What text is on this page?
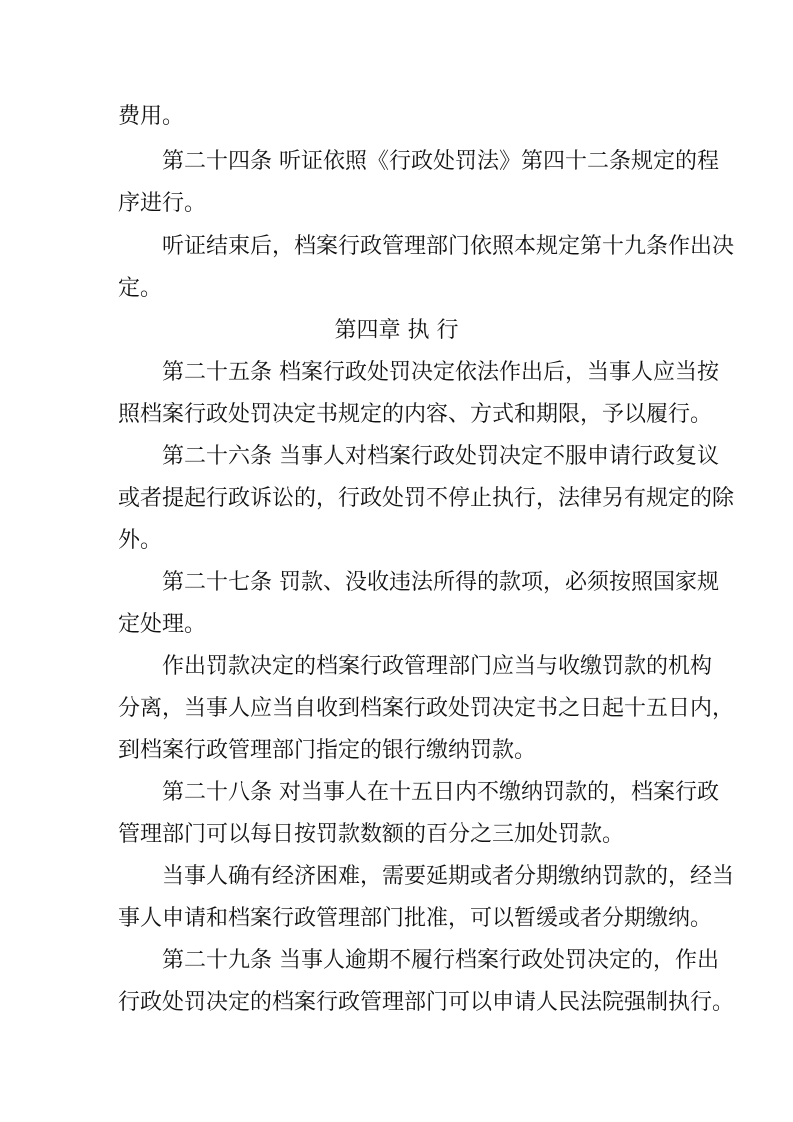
费用。
第二十四条 听证依照《行政处罚法》第四十二条规定的程
序进行。
听证结束后，档案行政管理部门依照本规定第十九条作出决
定。
第四章 执 行
第二十五条 档案行政处罚决定依法作出后，当事人应当按
照档案行政处罚决定书规定的内容、方式和期限，予以履行。
第二十六条 当事人对档案行政处罚决定不服申请行政复议
或者提起行政诉讼的，行政处罚不停止执行，法律另有规定的除
外。
第二十七条 罚款、没收违法所得的款项，必须按照国家规
定处理。
作出罚款决定的档案行政管理部门应当与收缴罚款的机构
分离，当事人应当自收到档案行政处罚决定书之日起十五日内，
到档案行政管理部门指定的银行缴纳罚款。
第二十八条 对当事人在十五日内不缴纳罚款的，档案行政
管理部门可以每日按罚款数额的百分之三加处罚款。
当事人确有经济困难，需要延期或者分期缴纳罚款的，经当
事人申请和档案行政管理部门批准，可以暂缓或者分期缴纳。
第二十九条 当事人逾期不履行档案行政处罚决定的，作出
行政处罚决定的档案行政管理部门可以申请人民法院强制执行。
